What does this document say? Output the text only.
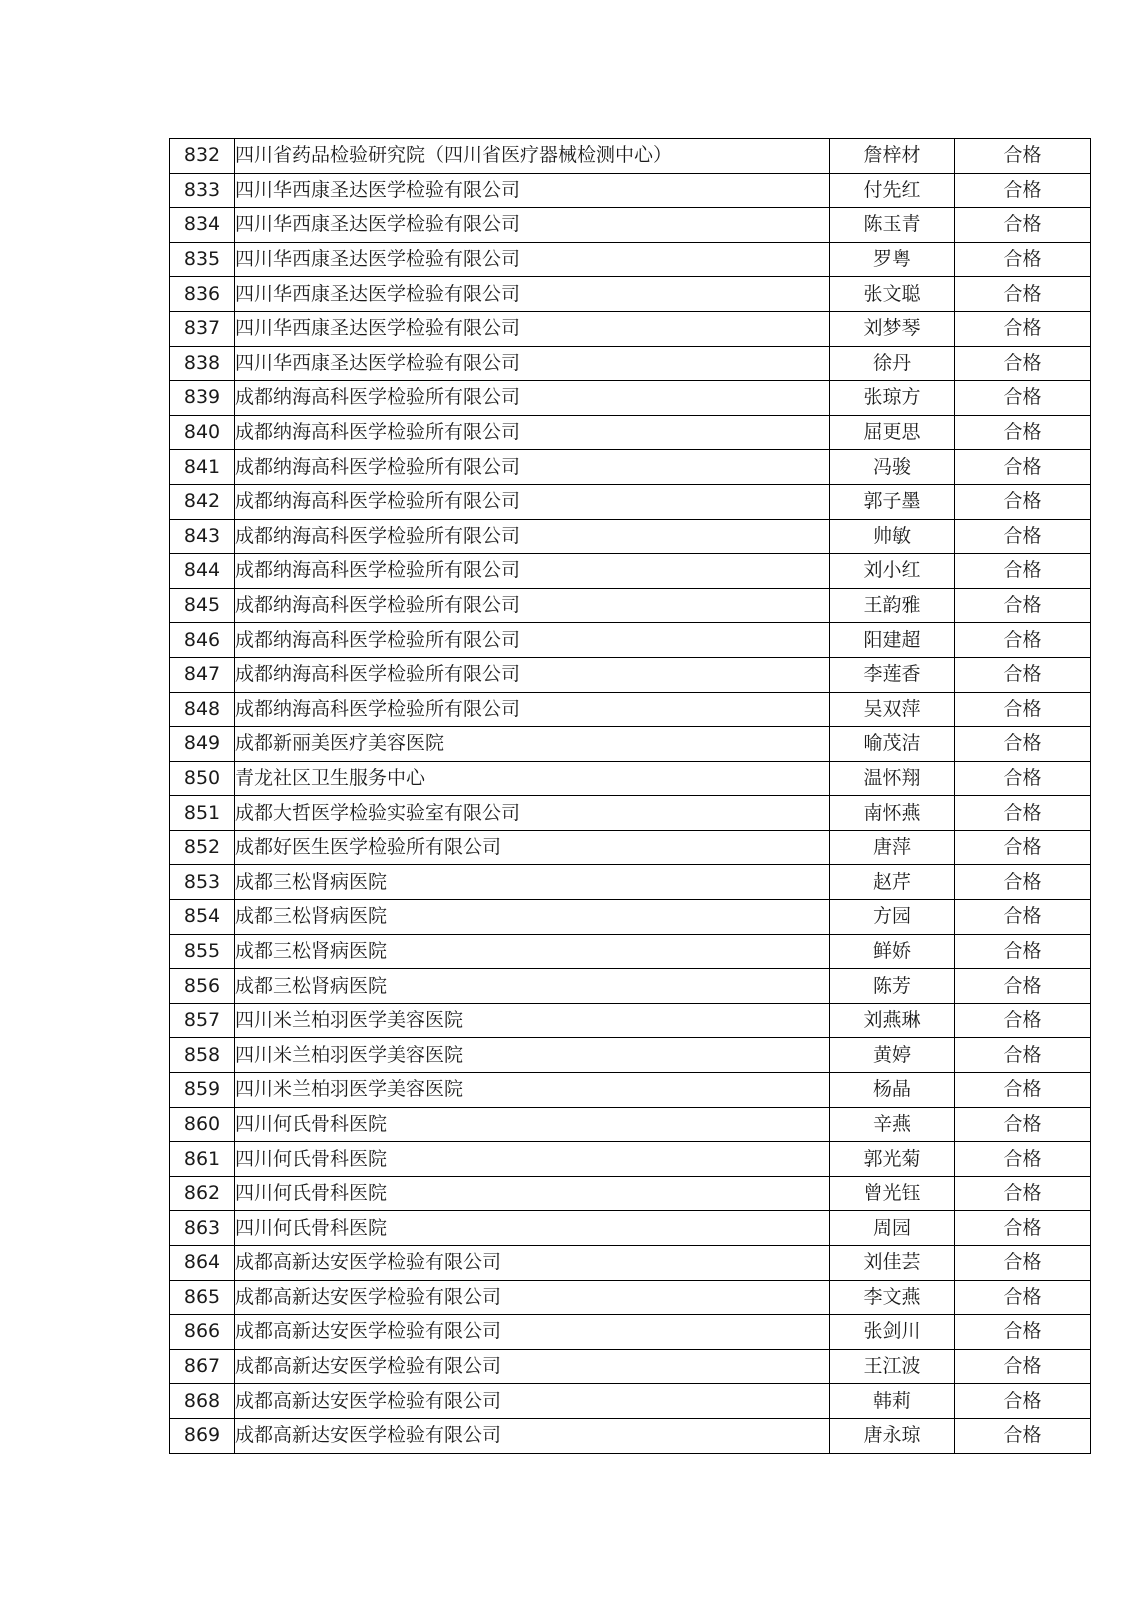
832	四川省药品检验研究院（四川省医疗器械检测中心）	詹梓材	合格
833	四川华西康圣达医学检验有限公司	付先红	合格
834	四川华西康圣达医学检验有限公司	陈玉青	合格
835	四川华西康圣达医学检验有限公司	罗粤	合格
836	四川华西康圣达医学检验有限公司	张文聪	合格
837	四川华西康圣达医学检验有限公司	刘梦琴	合格
838	四川华西康圣达医学检验有限公司	徐丹	合格
839	成都纳海高科医学检验所有限公司	张琼方	合格
840	成都纳海高科医学检验所有限公司	屈更思	合格
841	成都纳海高科医学检验所有限公司	冯骏	合格
842	成都纳海高科医学检验所有限公司	郭子墨	合格
843	成都纳海高科医学检验所有限公司	帅敏	合格
844	成都纳海高科医学检验所有限公司	刘小红	合格
845	成都纳海高科医学检验所有限公司	王韵雅	合格
846	成都纳海高科医学检验所有限公司	阳建超	合格
847	成都纳海高科医学检验所有限公司	李莲香	合格
848	成都纳海高科医学检验所有限公司	吴双萍	合格
849	成都新丽美医疗美容医院	喻茂洁	合格
850	青龙社区卫生服务中心	温怀翔	合格
851	成都大哲医学检验实验室有限公司	南怀燕	合格
852	成都好医生医学检验所有限公司	唐萍	合格
853	成都三松肾病医院	赵芹	合格
854	成都三松肾病医院	方园	合格
855	成都三松肾病医院	鲜娇	合格
856	成都三松肾病医院	陈芳	合格
857	四川米兰柏羽医学美容医院	刘燕琳	合格
858	四川米兰柏羽医学美容医院	黄婷	合格
859	四川米兰柏羽医学美容医院	杨晶	合格
860	四川何氏骨科医院	辛燕	合格
861	四川何氏骨科医院	郭光菊	合格
862	四川何氏骨科医院	曾光钰	合格
863	四川何氏骨科医院	周园	合格
864	成都高新达安医学检验有限公司	刘佳芸	合格
865	成都高新达安医学检验有限公司	李文燕	合格
866	成都高新达安医学检验有限公司	张剑川	合格
867	成都高新达安医学检验有限公司	王江波	合格
868	成都高新达安医学检验有限公司	韩莉	合格
869	成都高新达安医学检验有限公司	唐永琼	合格
